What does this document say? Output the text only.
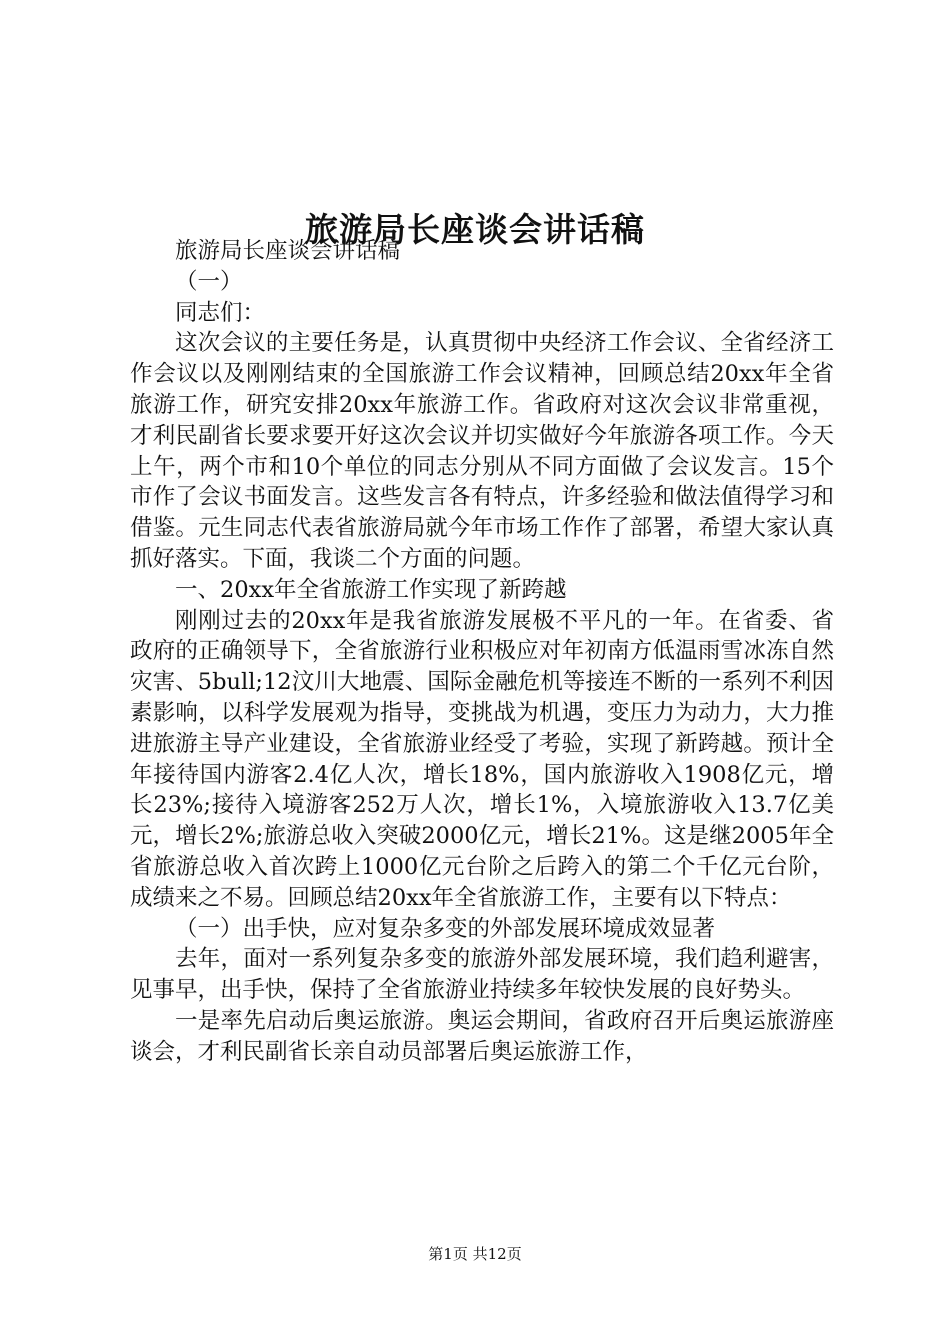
旅游局长座谈会讲话稿

旅游局长座谈会讲话稿

（一）

同志们：

这次会议的主要任务是，认真贯彻中央经济工作会议、全省经济工作会议以及刚刚结束的全国旅游工作会议精神，回顾总结20xx年全省旅游工作，研究安排20xx年旅游工作。省政府对这次会议非常重视，才利民副省长要求要开好这次会议并切实做好今年旅游各项工作。今天上午，两个市和10个单位的同志分别从不同方面做了会议发言。15个市作了会议书面发言。这些发言各有特点，许多经验和做法值得学习和借鉴。元生同志代表省旅游局就今年市场工作作了部署，希望大家认真抓好落实。下面，我谈二个方面的问题。

一、20xx年全省旅游工作实现了新跨越

刚刚过去的20xx年是我省旅游发展极不平凡的一年。在省委、省政府的正确领导下，全省旅游行业积极应对年初南方低温雨雪冰冻自然灾害、5bull;12汶川大地震、国际金融危机等接连不断的一系列不利因素影响，以科学发展观为指导，变挑战为机遇，变压力为动力，大力推进旅游主导产业建设，全省旅游业经受了考验，实现了新跨越。预计全年接待国内游客2.4亿人次，增长18%，国内旅游收入1908亿元，增长23%;接待入境游客252万人次，增长1%，入境旅游收入13.7亿美元，增长2%;旅游总收入突破2000亿元，增长21%。这是继2005年全省旅游总收入首次跨上1000亿元台阶之后跨入的第二个千亿元台阶，成绩来之不易。回顾总结20xx年全省旅游工作，主要有以下特点：

（一）出手快，应对复杂多变的外部发展环境成效显著

去年，面对一系列复杂多变的旅游外部发展环境，我们趋利避害，见事早，出手快，保持了全省旅游业持续多年较快发展的良好势头。

一是率先启动后奥运旅游。奥运会期间，省政府召开后奥运旅游座谈会，才利民副省长亲自动员部署后奥运旅游工作，

第1页 共12页
